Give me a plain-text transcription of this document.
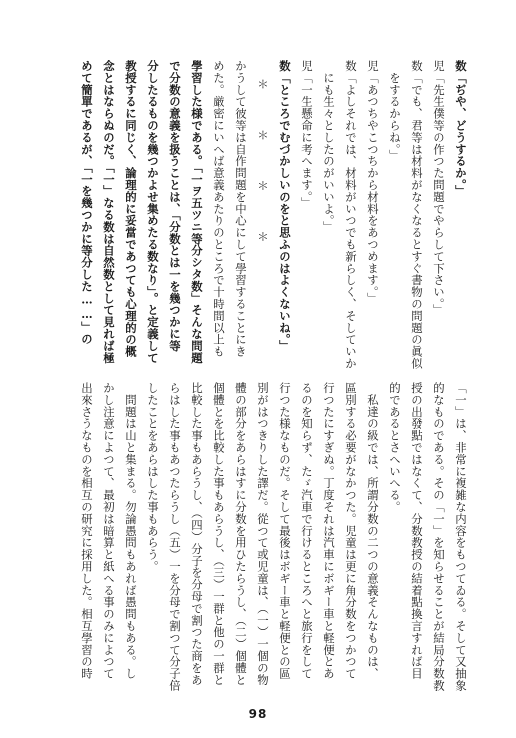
数「ぢや、どうするか。」
児「先生僕等の作つた問題でやらして下さい。」
数「でも、君等は材料がなくなるとすぐ書物の問題の眞似
　をするからね。」
児「あつちやこつちから材料をあつめます。」
数「よしそれでは、材料がいつでも新らしく、そしていか
　にも生々としたのがいいよ。」
児「一生懸命に考へます。」
数「ところでむづかしいのをと思ふのはよくないね。」
＊　＊　＊　＊
かうして彼等は自作問題を中心にして學習することにき
めた。厳密にいへば意義あたりのところで十時間以上も
學習した様である。「一ヲ五ツニ等分シタ数」そんな問題
で分数の意義を扱うことは、「分数とは一を幾つかに等
分したるものを幾つかよせ集めたる数なり」。と定義して
教授するに同じく、論理的に妥當であつても心理的の概
念とはならぬのだ。「一」なる数は自然数として見れば極
めて簡單であるが、「一を幾つかに等分した……」の
「一」は、非常に複雑な内容をもつてゐる。そして又抽象
的なものである。その「一」を知らせることが結局分数教
授の出發點ではなくて、分数教授の結着點換言すれば目
的であるとさへいへる。
　私達の級では、所謂分数の二つの意義そんなものは、
區別する必要がなかつた。児童は更に角分数をつかつて
行つたにすぎぬ。丁度それは汽車にボギー車と軽便とあ
るのを知らず、たゞ汽車で行けるところへと旅行をして
行つた様なものだ。そして最後はボギー車と軽便との區
別がはつきりした譯だ。從つて或児童は、（一）一個の物
體の部分をあらはすに分数を用ひたらうし、（二）個體と
個體とを比較した事もあらうし、（三）一群と他の一群と
比較した事もあらうし、（四）分子を分母で割つた商をあ
らはした事もあつたらうし（五）一を分母で割つて分子倍
したことをあらはした事もあらう。
　問題は山と集まる。勿論愚問もあれば愚問もある。し
かし注意によつて、最初は暗算と紙へる事のみによつて
出來さうなものを相互の研究に採用した。相互學習の時
98
